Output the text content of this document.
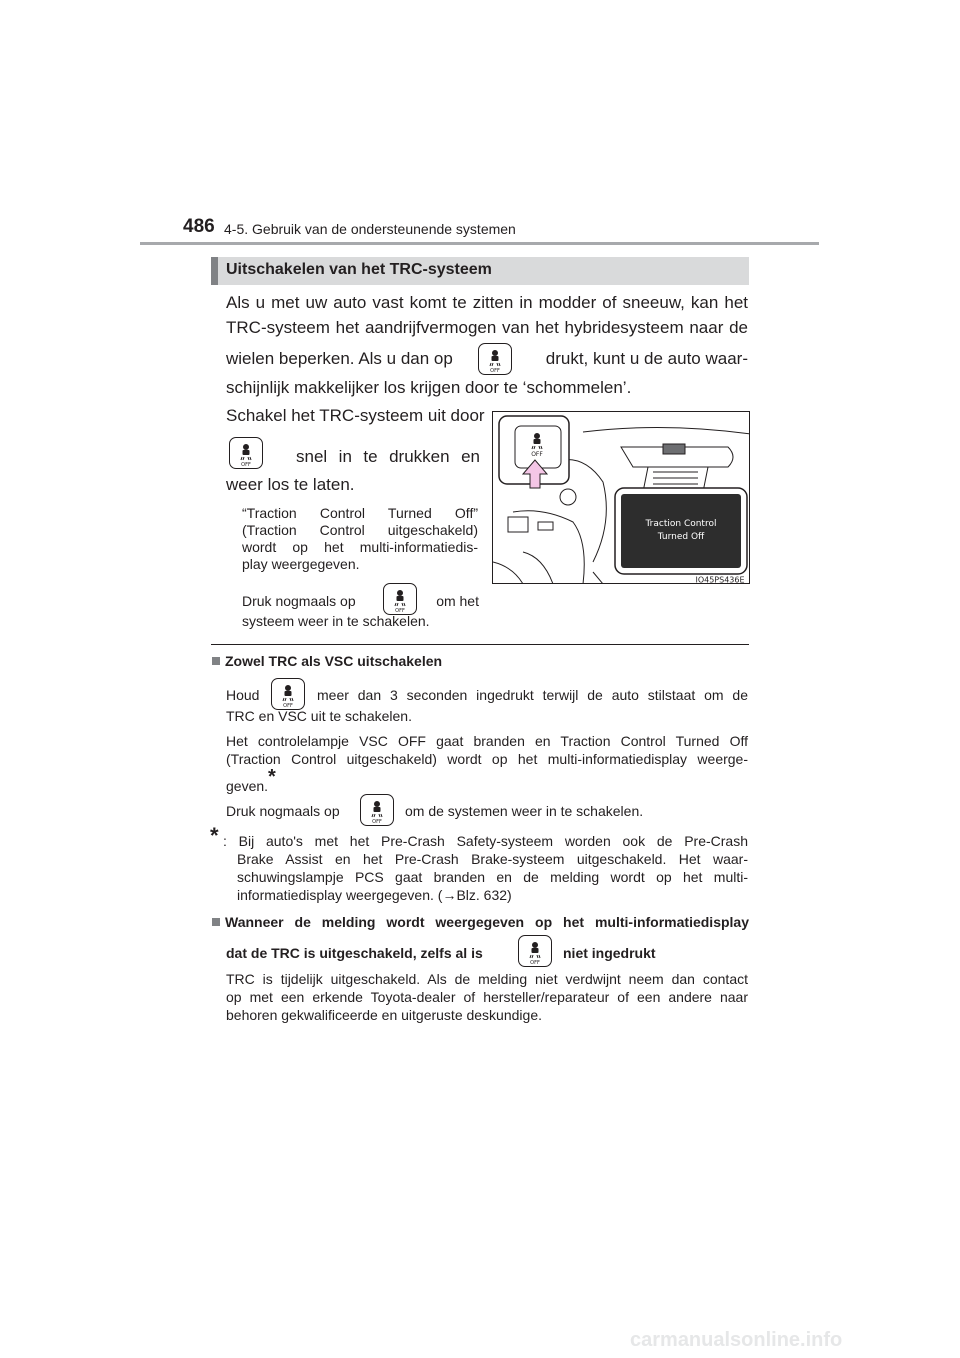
486 4-5. Gebruik van de ondersteunende systemen
Uitschakelen van het TRC-systeem
Als u met uw auto vast komt te zitten in modder of sneeuw, kan het
TRC-systeem het aandrijfvermogen van het hybridesysteem naar de
wielen beperken. Als u dan op
OFF
drukt, kunt u de auto waar-
schijnlijk makkelijker los krijgen door te ‘schommelen’.
Schakel het TRC-systeem uit door
OFF	snel in te drukken en
weer los te laten.
“Traction Control Turned Off”
(Traction Control uitgeschakeld)
wordt op het multi-informatiedis-
play weergegeven.
Druk nogmaals op
OFF
om het
systeem weer in te schakelen.
OFF
Traction Control
Turned Off
IO45PS436E
Zowel TRC als VSC uitschakelen
Houd
OFF
meer dan 3 seconden ingedrukt terwijl de auto stilstaat om de
TRC en VSC uit te schakelen.
Het controlelampje VSC OFF gaat branden en Traction Control Turned Off
(Traction Control uitgeschakeld) wordt op het multi-informatiedisplay weerge-
geven.*
Druk nogmaals op
OFF
om de systemen weer in te schakelen.
* : Bij auto's met het Pre-Crash Safety-systeem worden ook de Pre-Crash
Brake Assist en het Pre-Crash Brake-systeem uitgeschakeld. Het waar-
schuwingslampje PCS gaat branden en de melding wordt op het multi-
informatiedisplay weergegeven. (→Blz. 632)
Wanneer de melding wordt weergegeven op het multi-informatiedisplay
dat de TRC is uitgeschakeld, zelfs al is
OFF
niet ingedrukt
TRC is tijdelijk uitgeschakeld. Als de melding niet verdwijnt neem dan contact
op met een erkende Toyota-dealer of hersteller/reparateur of een andere naar
behoren gekwalificeerde en uitgeruste deskundige.
carmanualsonline.info
